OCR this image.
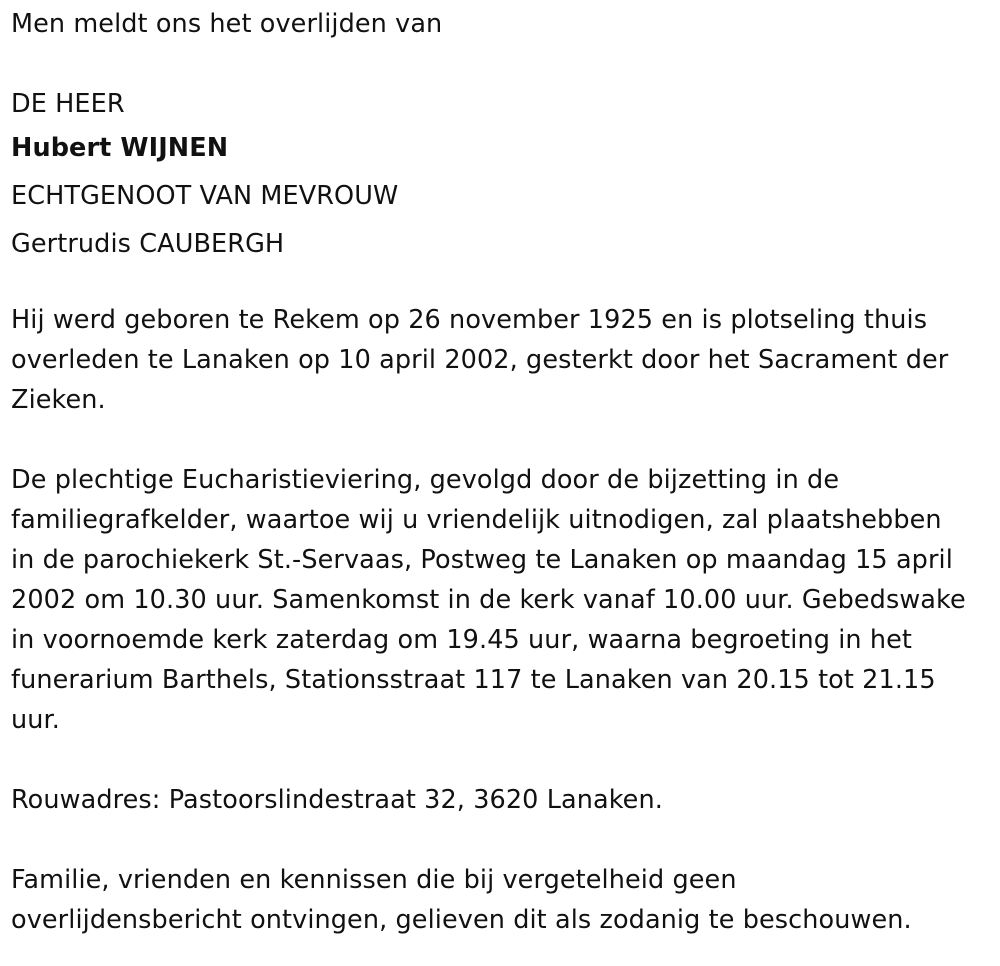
Men meldt ons het overlijden van
DE HEER
Hubert WIJNEN
ECHTGENOOT VAN MEVROUW
Gertrudis CAUBERGH
Hij werd geboren te Rekem op 26 november 1925 en is plotseling thuis
overleden te Lanaken op 10 april 2002, gesterkt door het Sacrament der
Zieken.
De plechtige Eucharistieviering, gevolgd door de bijzetting in de
familiegrafkelder, waartoe wij u vriendelijk uitnodigen, zal plaatshebben
in de parochiekerk St.-Servaas, Postweg te Lanaken op maandag 15 april
2002 om 10.30 uur. Samenkomst in de kerk vanaf 10.00 uur. Gebedswake
in voornoemde kerk zaterdag om 19.45 uur, waarna begroeting in het
funerarium Barthels, Stationsstraat 117 te Lanaken van 20.15 tot 21.15
uur.
Rouwadres: Pastoorslindestraat 32, 3620 Lanaken.
Familie, vrienden en kennissen die bij vergetelheid geen
overlijdensbericht ontvingen, gelieven dit als zodanig te beschouwen.
